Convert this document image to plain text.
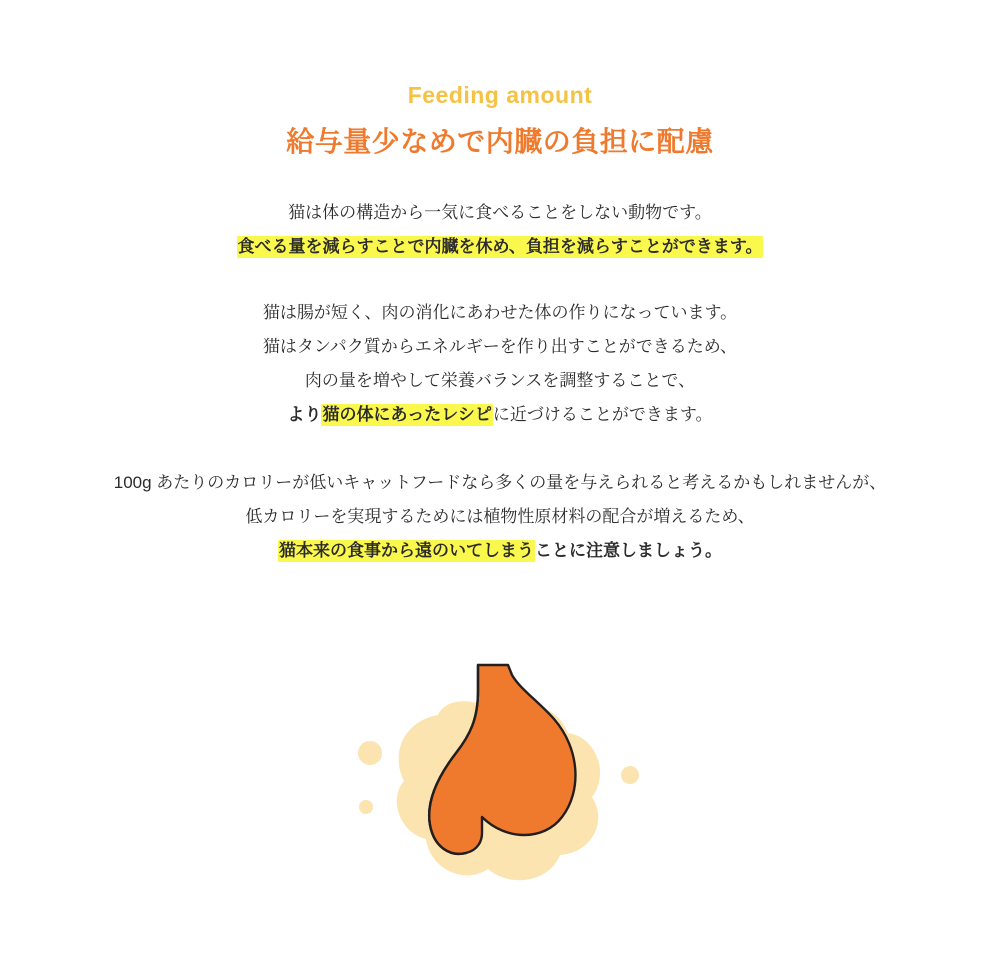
Feeding amount
給与量少なめで内臓の負担に配慮
猫は体の構造から一気に食べることをしない動物です。
食べる量を減らすことで内臓を休め、負担を減らすことができます。
猫は腸が短く、肉の消化にあわせた体の作りになっています。
猫はタンパク質からエネルギーを作り出すことができるため、
肉の量を増やして栄養バランスを調整することで、
より猫の体にあったレシピに近づけることができます。
100g あたりのカロリーが低いキャットフードなら多くの量を与えられると考えるかもしれませんが、
低カロリーを実現するためには植物性原材料の配合が増えるため、
猫本来の食事から遠のいてしまうことに注意しましょう。
